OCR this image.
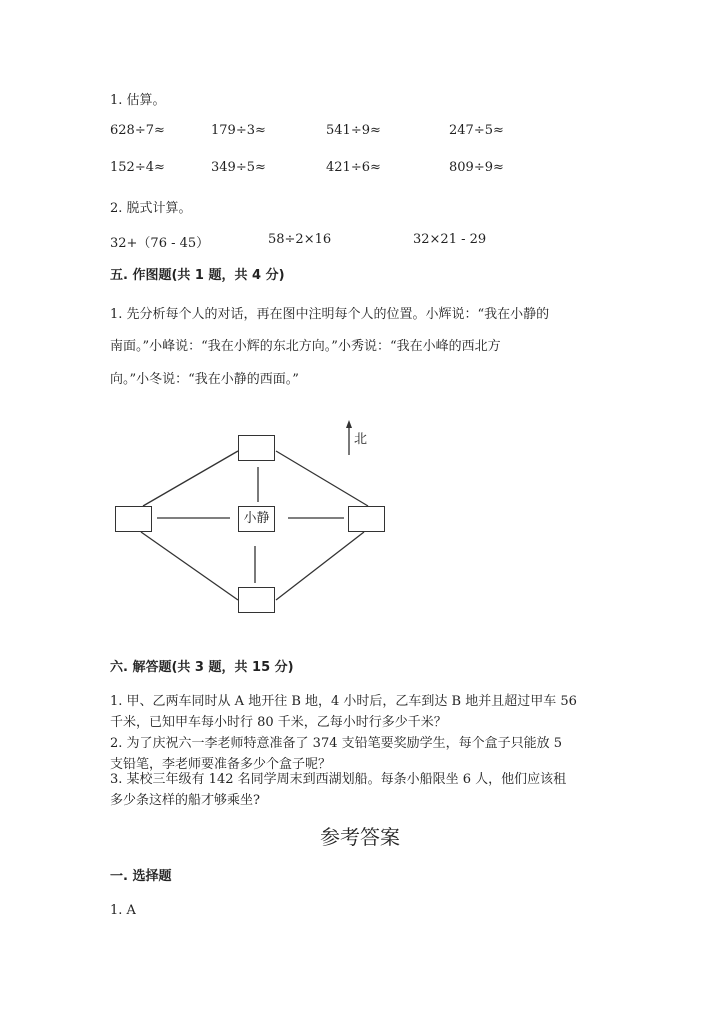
1. 估算。
628÷7≈	179÷3≈	541÷9≈	247÷5≈
152÷4≈	349÷5≈	421÷6≈	809÷9≈
2. 脱式计算。
32+（76 - 45）	58÷2×16	32×21 - 29
五. 作图题(共 1 题，共 4 分)
1. 先分析每个人的对话，再在图中注明每个人的位置。小辉说：“我在小静的
南面。”小峰说：“我在小辉的东北方向。”小秀说：“我在小峰的西北方
向。”小冬说：“我在小静的西面。”
小静
北
六. 解答题(共 3 题，共 15 分)
1. 甲、乙两车同时从 A 地开往 B 地，4 小时后，乙车到达 B 地并且超过甲车 56
千米，已知甲车每小时行 80 千米，乙每小时行多少千米？
2. 为了庆祝六一李老师特意准备了 374 支铅笔要奖励学生，每个盒子只能放 5
支铅笔，李老师要准备多少个盒子呢？
3. 某校三年级有 142 名同学周末到西湖划船。每条小船限坐 6 人，他们应该租
多少条这样的船才够乘坐?
参考答案
一. 选择题
1. A
